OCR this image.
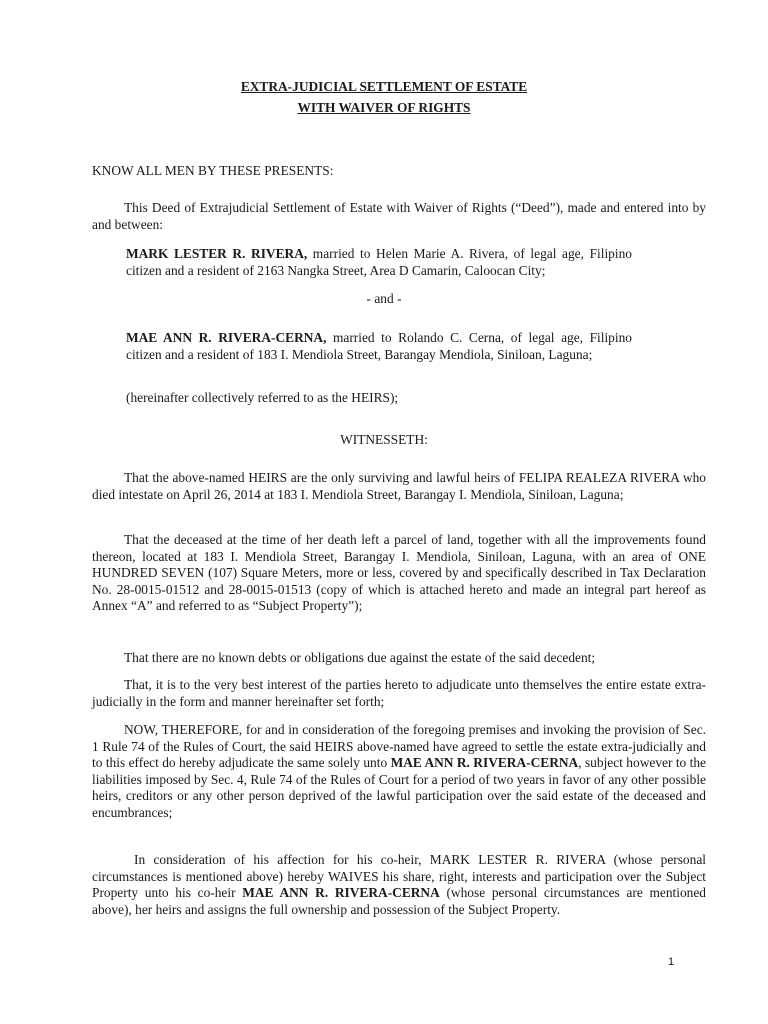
EXTRA-JUDICIAL SETTLEMENT OF ESTATE

WITH WAIVER OF RIGHTS

KNOW ALL MEN BY THESE PRESENTS:

This Deed of Extrajudicial Settlement of Estate with Waiver of Rights (“Deed”), made and entered into by and between:

MARK LESTER R. RIVERA, married to Helen Marie A. Rivera, of legal age, Filipino citizen and a resident of 2163 Nangka Street, Area D Camarin, Caloocan City;

- and -

MAE ANN R. RIVERA-CERNA, married to Rolando C. Cerna, of legal age, Filipino citizen and a resident of 183 I. Mendiola Street, Barangay Mendiola, Siniloan, Laguna;

(hereinafter collectively referred to as the HEIRS);

WITNESSETH:

That the above-named HEIRS are the only surviving and lawful heirs of FELIPA REALEZA RIVERA who died intestate on April 26, 2014 at 183 I. Mendiola Street, Barangay I. Mendiola, Siniloan, Laguna;

That the deceased at the time of her death left a parcel of land, together with all the improvements found thereon, located at 183 I. Mendiola Street, Barangay I. Mendiola, Siniloan, Laguna, with an area of ONE HUNDRED SEVEN (107) Square Meters, more or less, covered by and specifically described in Tax Declaration No. 28-0015-01512 and 28-0015-01513 (copy of which is attached hereto and made an integral part hereof as Annex “A” and referred to as “Subject Property”);

That there are no known debts or obligations due against the estate of the said decedent;

That, it is to the very best interest of the parties hereto to adjudicate unto themselves the entire estate extra-judicially in the form and manner hereinafter set forth;

NOW, THEREFORE, for and in consideration of the foregoing premises and invoking the provision of Sec. 1 Rule 74 of the Rules of Court, the said HEIRS above-named have agreed to settle the estate extra-judicially and to this effect do hereby adjudicate the same solely unto MAE ANN R. RIVERA-CERNA, subject however to the liabilities imposed by Sec. 4, Rule 74 of the Rules of Court for a period of two years in favor of any other possible heirs, creditors or any other person deprived of the lawful participation over the said estate of the deceased and encumbrances;

In consideration of his affection for his co-heir, MARK LESTER R. RIVERA (whose personal circumstances is mentioned above) hereby WAIVES his share, right, interests and participation over the Subject Property unto his co-heir MAE ANN R. RIVERA-CERNA (whose personal circumstances are mentioned above), her heirs and assigns the full ownership and possession of the Subject Property.

1
